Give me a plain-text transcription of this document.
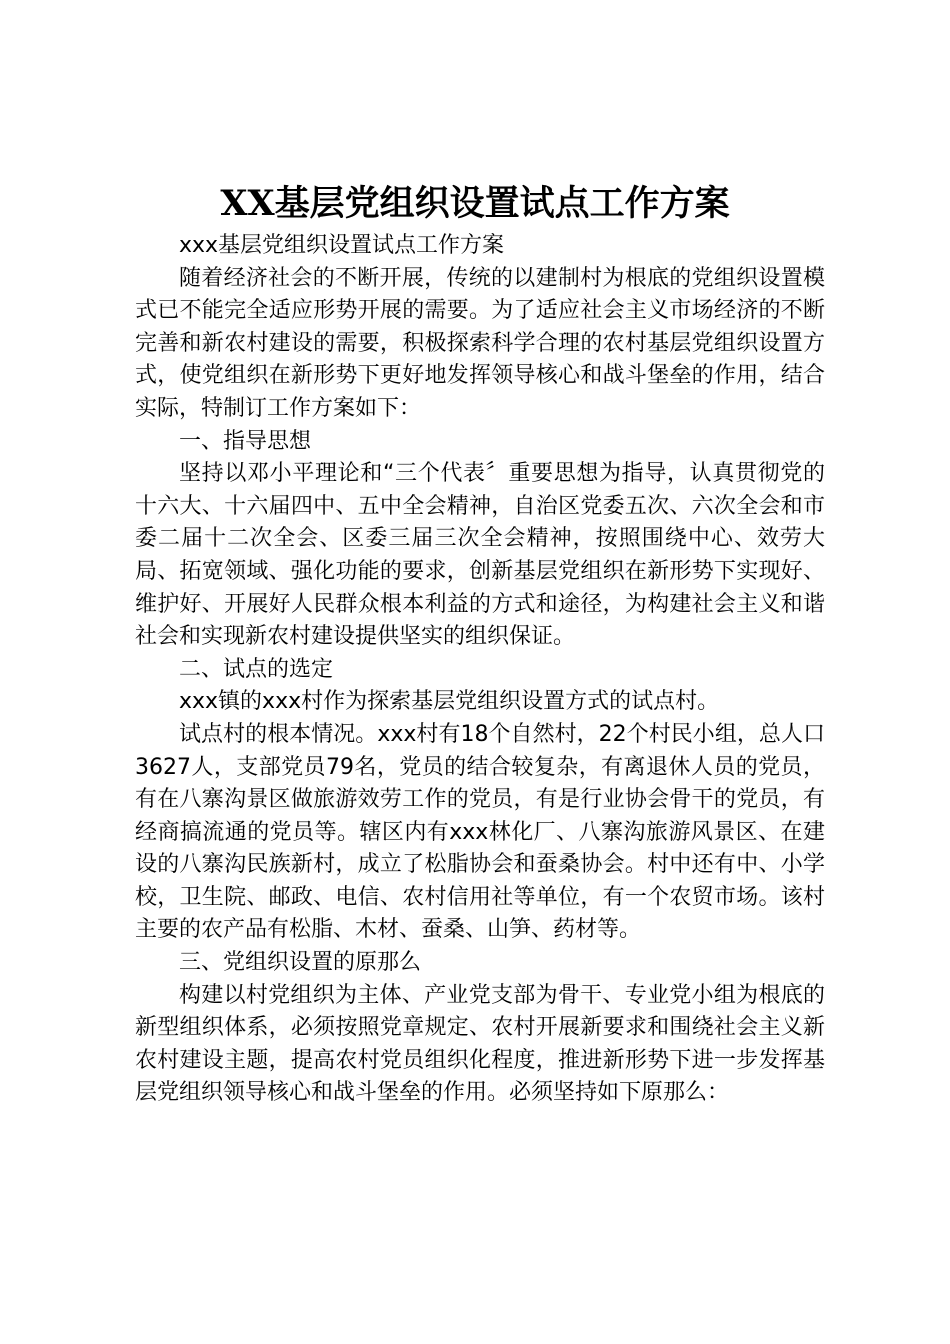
XX基层党组织设置试点工作方案

xxx基层党组织设置试点工作方案

随着经济社会的不断开展，传统的以建制村为根底的党组织设置模式已不能完全适应形势开展的需要。为了适应社会主义市场经济的不断完善和新农村建设的需要，积极探索科学合理的农村基层党组织设置方式，使党组织在新形势下更好地发挥领导核心和战斗堡垒的作用，结合实际，特制订工作方案如下：

一、指导思想

坚持以邓小平理论和“三个代表〞重要思想为指导，认真贯彻党的十六大、十六届四中、五中全会精神，自治区党委五次、六次全会和市委二届十二次全会、区委三届三次全会精神，按照围绕中心、效劳大局、拓宽领域、强化功能的要求，创新基层党组织在新形势下实现好、维护好、开展好人民群众根本利益的方式和途径，为构建社会主义和谐社会和实现新农村建设提供坚实的组织保证。

二、试点的选定

xxx镇的xxx村作为探索基层党组织设置方式的试点村。

试点村的根本情况。xxx村有18个自然村，22个村民小组，总人口3627人，支部党员79名，党员的结合较复杂，有离退休人员的党员，有在八寨沟景区做旅游效劳工作的党员，有是行业协会骨干的党员，有经商搞流通的党员等。辖区内有xxx林化厂、八寨沟旅游风景区、在建设的八寨沟民族新村，成立了松脂协会和蚕桑协会。村中还有中、小学校，卫生院、邮政、电信、农村信用社等单位，有一个农贸市场。该村主要的农产品有松脂、木材、蚕桑、山笋、药材等。

三、党组织设置的原那么

构建以村党组织为主体、产业党支部为骨干、专业党小组为根底的新型组织体系，必须按照党章规定、农村开展新要求和围绕社会主义新农村建设主题，提高农村党员组织化程度，推进新形势下进一步发挥基层党组织领导核心和战斗堡垒的作用。必须坚持如下原那么：
